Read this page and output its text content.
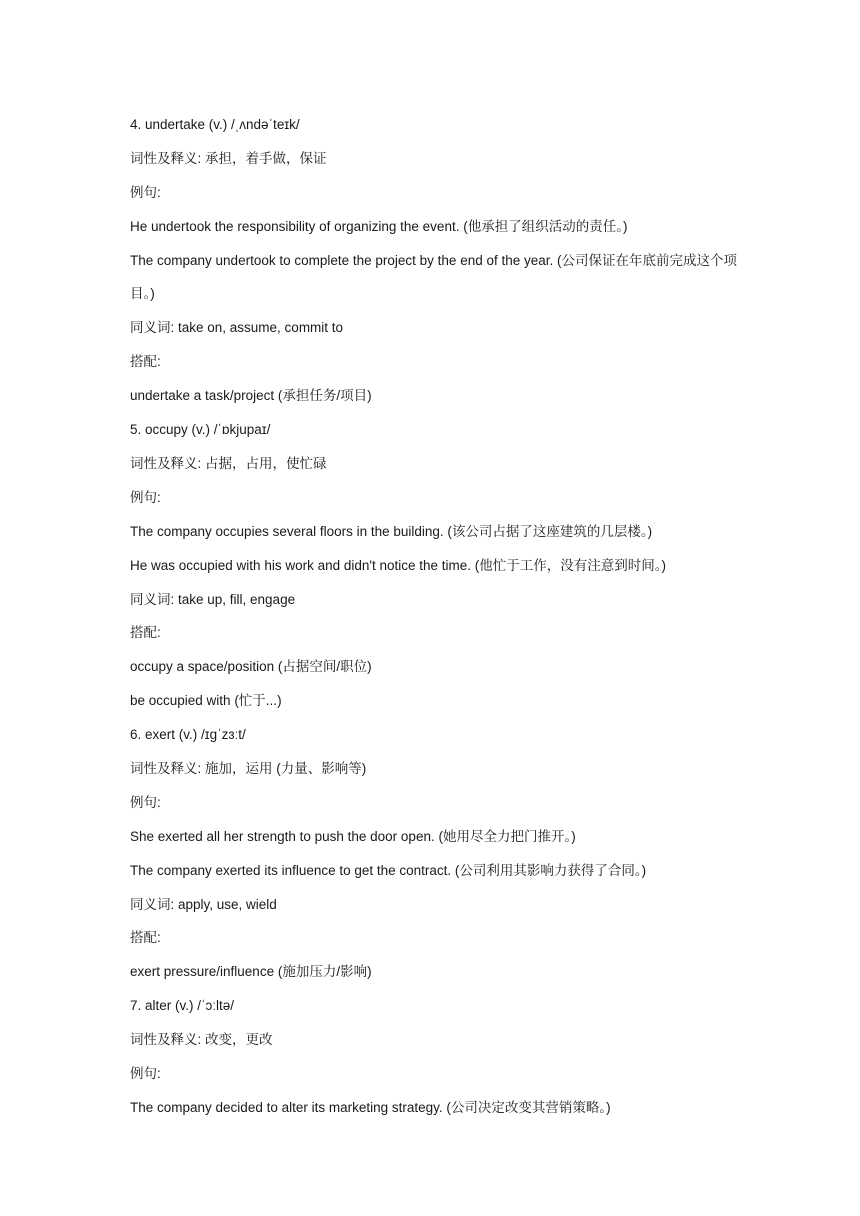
4. undertake (v.) /ˌʌndəˈteɪk/
词性及释义: 承担，着手做，保证
例句:
He undertook the responsibility of organizing the event. (他承担了组织活动的责任。)
The company undertook to complete the project by the end of the year. (公司保证在年底前完成这个项目。)
同义词: take on, assume, commit to
搭配:
undertake a task/project (承担任务/项目)
5. occupy (v.) /ˈɒkjupaɪ/
词性及释义: 占据，占用，使忙碌
例句:
The company occupies several floors in the building. (该公司占据了这座建筑的几层楼。)
He was occupied with his work and didn't notice the time. (他忙于工作，没有注意到时间。)
同义词: take up, fill, engage
搭配:
occupy a space/position (占据空间/职位)
be occupied with (忙于...)
6. exert (v.) /ɪɡˈzɜːt/
词性及释义: 施加，运用 (力量、影响等)
例句:
She exerted all her strength to push the door open. (她用尽全力把门推开。)
The company exerted its influence to get the contract. (公司利用其影响力获得了合同。)
同义词: apply, use, wield
搭配:
exert pressure/influence (施加压力/影响)
7. alter (v.) /ˈɔːltə/
词性及释义: 改变，更改
例句:
The company decided to alter its marketing strategy. (公司决定改变其营销策略。)
